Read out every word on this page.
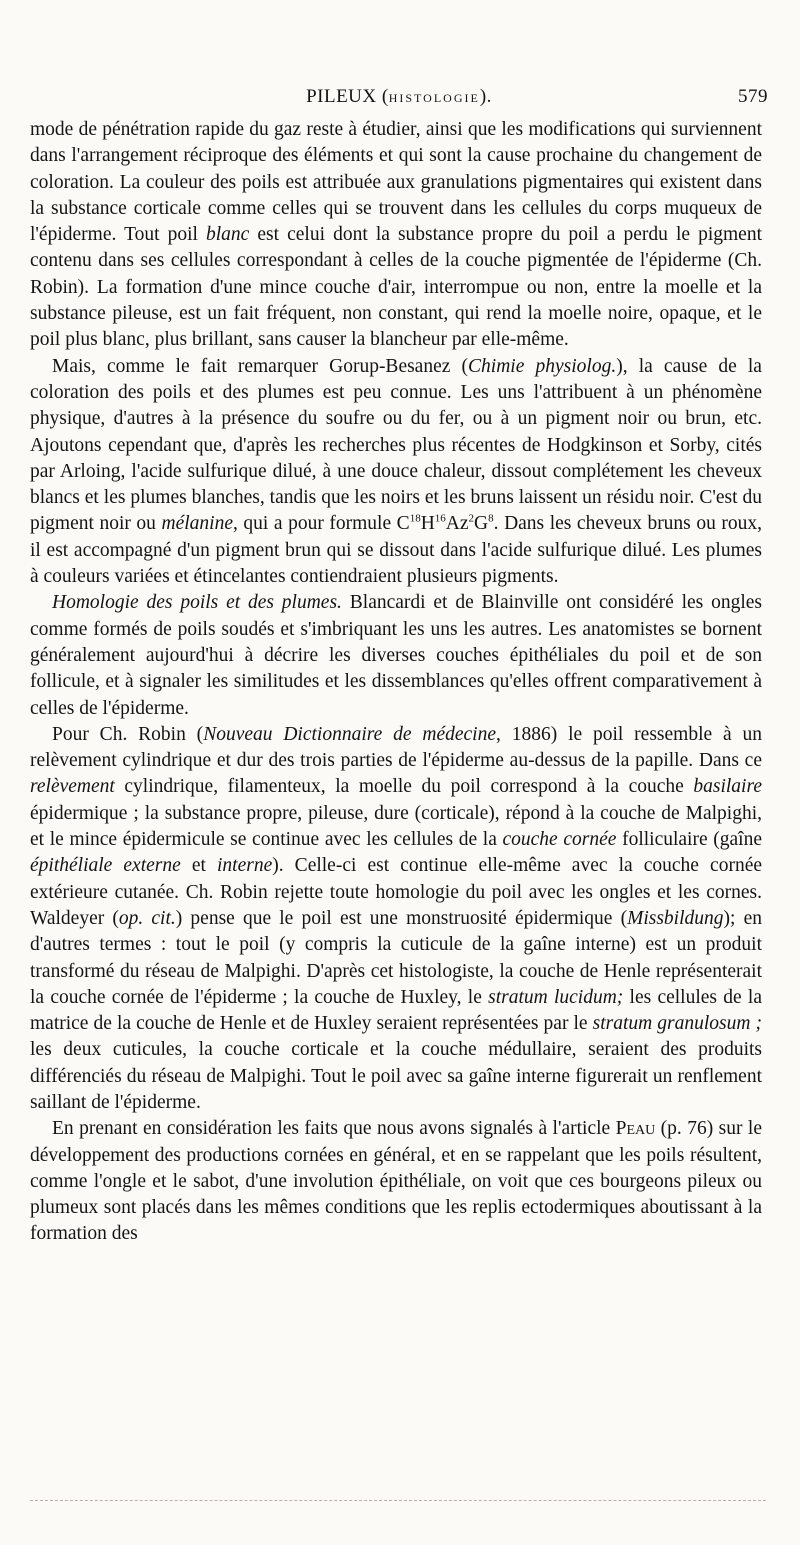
PILEUX (HISTOLOGIE).	579

mode de pénétration rapide du gaz reste à étudier, ainsi que les modifications qui surviennent dans l'arrangement réciproque des éléments et qui sont la cause prochaine du changement de coloration. La couleur des poils est attribuée aux granulations pigmentaires qui existent dans la substance corticale comme celles qui se trouvent dans les cellules du corps muqueux de l'épiderme. Tout poil blanc est celui dont la substance propre du poil a perdu le pigment contenu dans ses cellules correspondant à celles de la couche pigmentée de l'épiderme (Ch. Robin). La formation d'une mince couche d'air, interrompue ou non, entre la moelle et la substance pileuse, est un fait fréquent, non constant, qui rend la moelle noire, opaque, et le poil plus blanc, plus brillant, sans causer la blancheur par elle-même.

Mais, comme le fait remarquer Gorup-Besanez (Chimie physiolog.), la cause de la coloration des poils et des plumes est peu connue. Les uns l'attribuent à un phénomène physique, d'autres à la présence du soufre ou du fer, ou à un pigment noir ou brun, etc. Ajoutons cependant que, d'après les recherches plus récentes de Hodgkinson et Sorby, cités par Arloing, l'acide sulfurique dilué, à une douce chaleur, dissout complétement les cheveux blancs et les plumes blanches, tandis que les noirs et les bruns laissent un résidu noir. C'est du pigment noir ou mélanine, qui a pour formule $C^{18}H^{16}Az^2G^8$. Dans les cheveux bruns ou roux, il est accompagné d'un pigment brun qui se dissout dans l'acide sulfurique dilué. Les plumes à couleurs variées et étincelantes contiendraient plusieurs pigments.

Homologie des poils et des plumes. Blancardi et de Blainville ont considéré les ongles comme formés de poils soudés et s'imbriquant les uns les autres. Les anatomistes se bornent généralement aujourd'hui à décrire les diverses couches épithéliales du poil et de son follicule, et à signaler les similitudes et les dissemblances qu'elles offrent comparativement à celles de l'épiderme.

Pour Ch. Robin (Nouveau Dictionnaire de médecine, 1886) le poil ressemble à un relèvement cylindrique et dur des trois parties de l'épiderme au-dessus de la papille. Dans ce relèvement cylindrique, filamenteux, la moelle du poil correspond à la couche basilaire épidermique ; la substance propre, pileuse, dure (corticale), répond à la couche de Malpighi, et le mince épidermicule se continue avec les cellules de la couche cornée folliculaire (gaîne épithéliale externe et interne). Celle-ci est continue elle-même avec la couche cornée extérieure cutanée. Ch. Robin rejette toute homologie du poil avec les ongles et les cornes. Waldeyer (op. cit.) pense que le poil est une monstruosité épidermique (Missbildung); en d'autres termes : tout le poil (y compris la cuticule de la gaîne interne) est un produit transformé du réseau de Malpighi. D'après cet histologiste, la couche de Henle représenterait la couche cornée de l'épiderme ; la couche de Huxley, le stratum lucidum; les cellules de la matrice de la couche de Henle et de Huxley seraient représentées par le stratum granulosum ; les deux cuticules, la couche corticale et la couche médullaire, seraient des produits différenciés du réseau de Malpighi. Tout le poil avec sa gaîne interne figurerait un renflement saillant de l'épiderme.

En prenant en considération les faits que nous avons signalés à l'article Peau (p. 76) sur le développement des productions cornées en général, et en se rappelant que les poils résultent, comme l'ongle et le sabot, d'une involution épithéliale, on voit que ces bourgeons pileux ou plumeux sont placés dans les mêmes conditions que les replis ectodermiques aboutissant à la formation des
